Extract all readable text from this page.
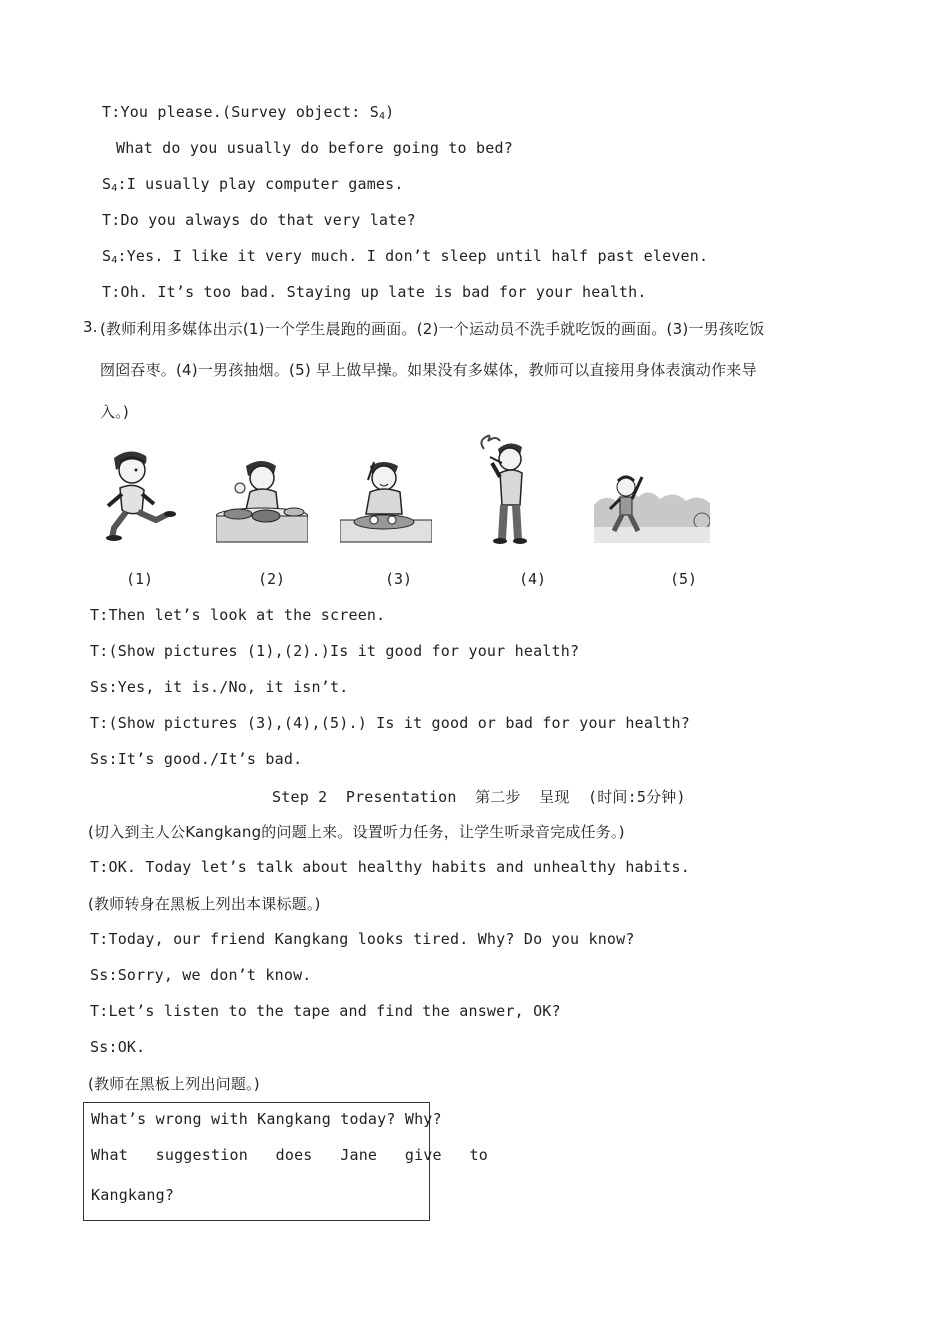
T:You please.(Survey object: $S_4$)
What do you usually do before going to bed?
$S_4:I$ usually play computer games.
T:Do you always do that very late?
$S_4:Yes$. I like it very much. I don’t sleep until half past eleven.
T:Oh. It’s too bad. Staying up late is bad for your health.
3. (教师利用多媒体出示(1)一个学生晨跑的画面。(2)一个运动员不洗手就吃饭的画面。(3)一男孩吃饭
囫囵吞枣。(4)一男孩抽烟。(5) 早上做早操。如果没有多媒体，教师可以直接用身体表演动作来导
入。)
(1)	(2)	(3)	(4)	(5)
T:Then let’s look at the screen.
T:(Show pictures (1),(2).)Is it good for your health?
Ss:Yes, it is./No, it isn’t.
T:(Show pictures (3),(4),(5).) Is it good or bad for your health?
Ss:It’s good./It’s bad.
Step 2  Presentation  第二步  呈现  (时间:5分钟)
(切入到主人公Kangkang的问题上来。设置听力任务，让学生听录音完成任务。)
T:OK. Today let’s talk about healthy habits and unhealthy habits.
(教师转身在黑板上列出本课标题。)
T:Today, our friend Kangkang looks tired. Why? Do you know?
Ss:Sorry, we don’t know.
T:Let’s listen to the tape and find the answer, OK?
Ss:OK.
(教师在黑板上列出问题。)
What’s wrong with Kangkang today? Why?
What   suggestion   does   Jane   give   to
Kangkang?
